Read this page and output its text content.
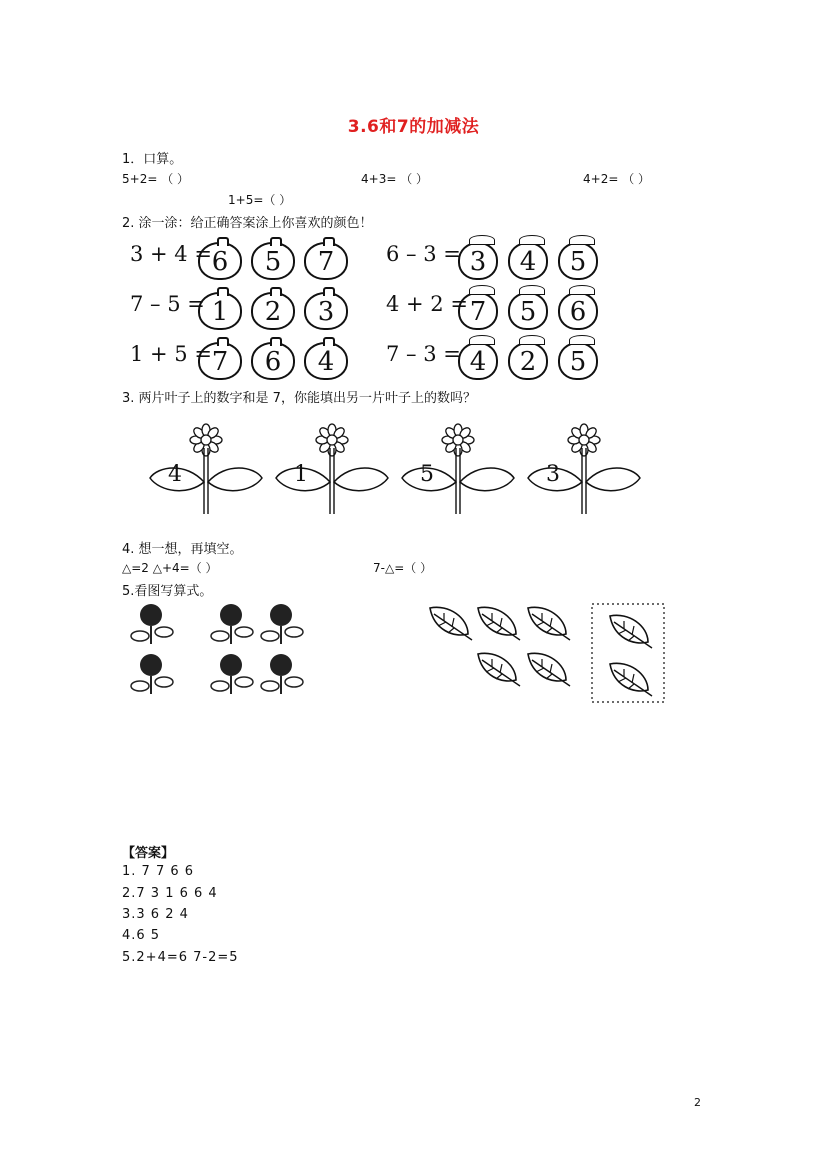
3.6和7的加减法
1．口算。
5+2= （ ）	4+3= （ ）	4+2= （ ）
1+5=（ ）
2. 涂一涂：给正确答案涂上你喜欢的颜色！
3 + 4 = 6	5	7	6 – 3 = 3	4	5
7 – 5 = 1	2	3	4 + 2 = 7	5	6
1 + 5 = 7	6	4	7 – 3 = 4	2	5
3. 两片叶子上的数字和是 7，你能填出另一片叶子上的数吗？
4	1	5	3
4. 想一想，再填空。
△=2 △+4=（ ）	7-△=（ ）
5.看图写算式。
【答案】
1. 7 7 6 6
2.7 3 1 6 6 4
3.3 6 2 4
4.6 5
5.2+4=6 7-2=5
2
